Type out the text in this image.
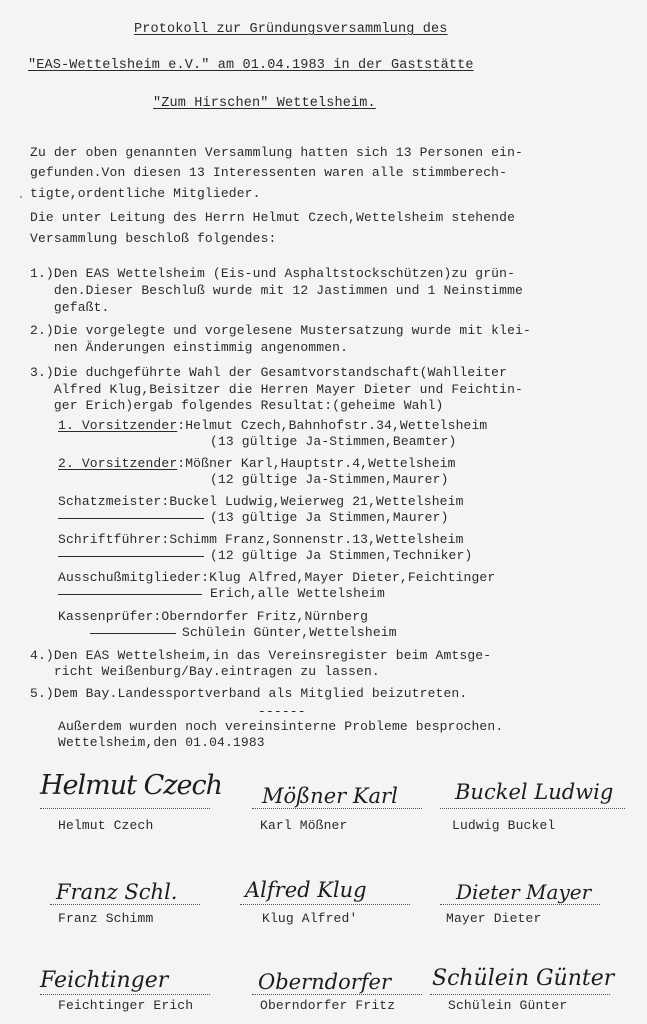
Protokoll zur Gründungsversammlung des
"EAS-Wettelsheim e.V." am 01.04.1983 in der Gaststätte
"Zum Hirschen" Wettelsheim.
Zu der oben genannten Versammlung hatten sich 13 Personen ein-
gefunden.Von diesen 13 Interessenten waren alle stimmberech-
tigte,ordentliche Mitglieder.
Die unter Leitung des Herrn Helmut Czech,Wettelsheim stehende
Versammlung beschloß folgendes:
1.)Den EAS Wettelsheim (Eis-und Asphaltstockschützen)zu grün-
den.Dieser Beschluß wurde mit 12 Jastimmen und 1 Neinstimme
gefaßt.
2.)Die vorgelegte und vorgelesene Mustersatzung wurde mit klei-
nen Änderungen einstimmig angenommen.
3.)Die duchgeführte Wahl der Gesamtvorstandschaft(Wahlleiter
Alfred Klug,Beisitzer die Herren Mayer Dieter und Feichtin-
ger Erich)ergab folgendes Resultat:(geheime Wahl)
1. Vorsitzender:Helmut Czech,Bahnhofstr.34,Wettelsheim
(13 gültige Ja-Stimmen,Beamter)
2. Vorsitzender:Mößner Karl,Hauptstr.4,Wettelsheim
(12 gültige Ja-Stimmen,Maurer)
Schatzmeister:Buckel Ludwig,Weierweg 21,Wettelsheim
(13 gültige Ja Stimmen,Maurer)
Schriftführer:Schimm Franz,Sonnenstr.13,Wettelsheim
(12 gültige Ja Stimmen,Techniker)
Ausschußmitglieder:Klug Alfred,Mayer Dieter,Feichtinger
Erich,alle Wettelsheim
Kassenprüfer:Oberndorfer Fritz,Nürnberg
Schülein Günter,Wettelsheim
4.)Den EAS Wettelsheim,in das Vereinsregister beim Amtsge-
richt Weißenburg/Bay.eintragen zu lassen.
5.)Dem Bay.Landessportverband als Mitglied beizutreten.
------
Außerdem wurden noch vereinsinterne Probleme besprochen.
Wettelsheim,den 01.04.1983
Helmut Czech
Helmut Czech
Mößner Karl
Karl Mößner
Buckel Ludwig
Ludwig Buckel
Franz Schl.
Franz Schimm
Alfred Klug
Klug Alfred'
Dieter Mayer
Mayer Dieter
Feichtinger
Feichtinger Erich
Oberndorfer
Oberndorfer Fritz
Schülein Günter
Schülein Günter
